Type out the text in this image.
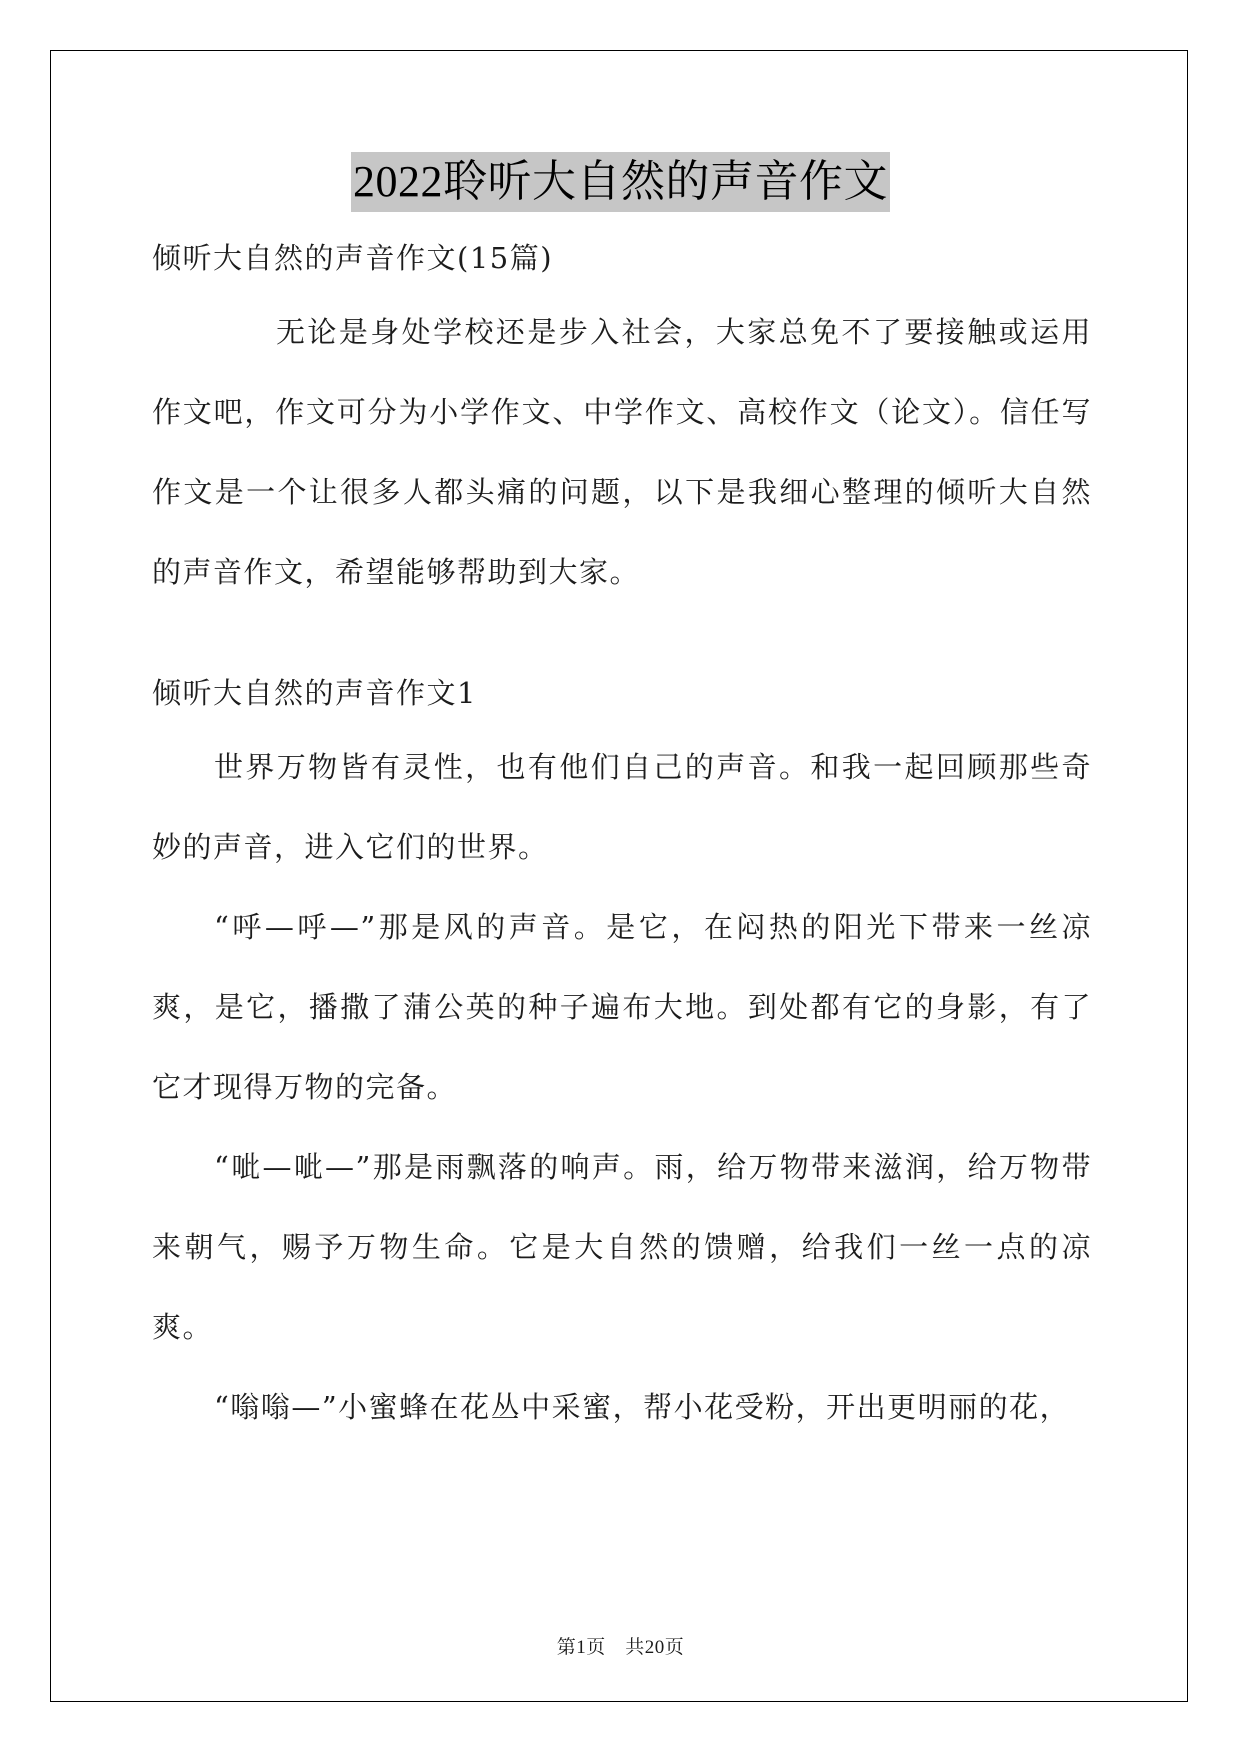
2022聆听大自然的声音作文
倾听大自然的声音作文(15篇)

无论是身处学校还是步入社会，大家总免不了要接触或运用作文吧，作文可分为小学作文、中学作文、高校作文（论文）。信任写作文是一个让很多人都头痛的问题，以下是我细心整理的倾听大自然的声音作文，希望能够帮助到大家。

倾听大自然的声音作文1

世界万物皆有灵性，也有他们自己的声音。和我一起回顾那些奇妙的声音，进入它们的世界。

“呼—呼—”那是风的声音。是它，在闷热的阳光下带来一丝凉爽，是它，播撒了蒲公英的种子遍布大地。到处都有它的身影，有了它才现得万物的完备。

“呲—呲—”那是雨飘落的响声。雨，给万物带来滋润，给万物带来朝气，赐予万物生命。它是大自然的馈赠，给我们一丝一点的凉爽。

“嗡嗡—”小蜜蜂在花丛中采蜜，帮小花受粉，开出更明丽的花，

第1页　共20页
